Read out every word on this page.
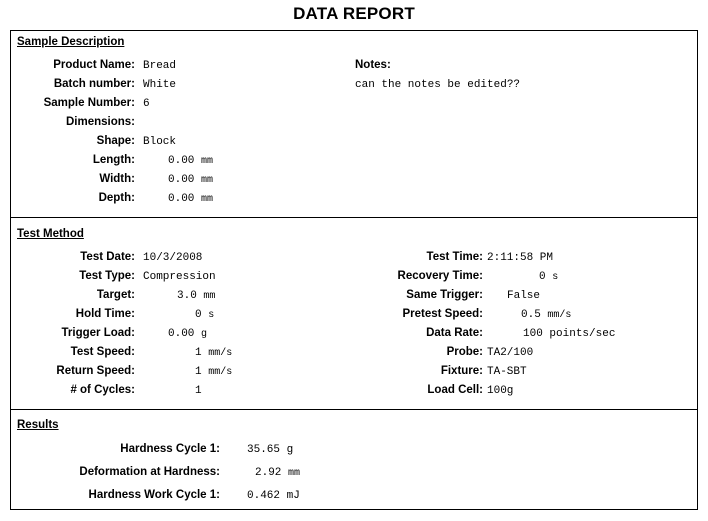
DATA REPORT
Sample Description
Product Name: Bread
Batch number: White
Sample Number: 6
Dimensions:
Shape: Block
Length:	0.00 mm
Width:	0.00 mm
Depth:	0.00 mm
Notes:
can the notes be edited??
Test Method
Test Date: 10/3/2008
Test Type: Compression
Target:	3.0 mm
Hold Time:	0 s
Trigger Load:	0.00 g
Test Speed:	1 mm/s
Return Speed:	1 mm/s
# of Cycles:	1
Test Time: 2:11:58 PM
Recovery Time:	0 s
Same Trigger: False
Pretest Speed:	0.5 mm/s
Data Rate:	100 points/sec
Probe: TA2/100
Fixture: TA-SBT
Load Cell: 100g
Results
Hardness Cycle 1: 35.65 g
Deformation at Hardness:	2.92 mm
Hardness Work Cycle 1: 0.462 mJ
